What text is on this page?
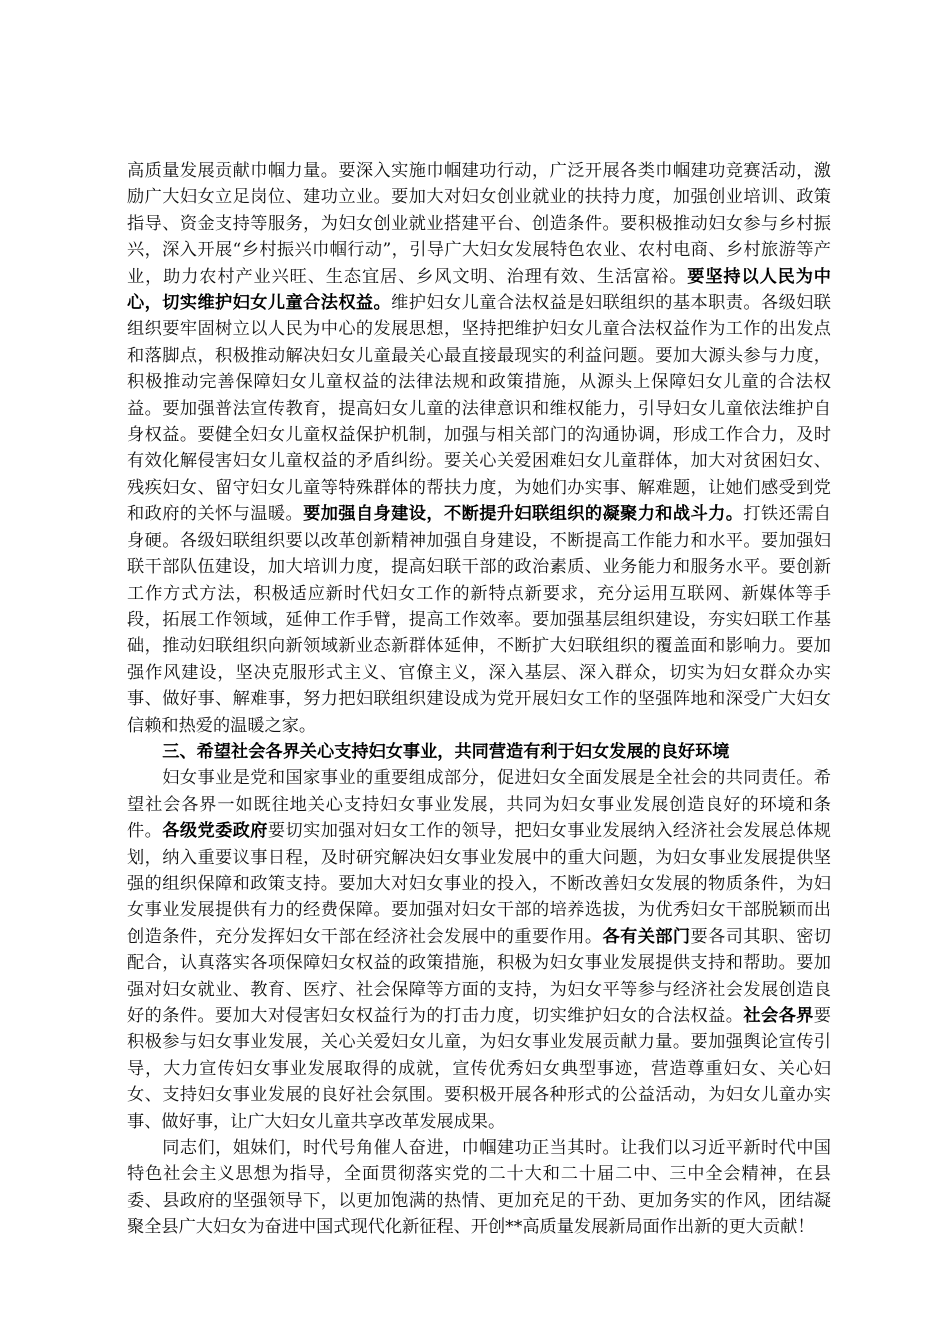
高质量发展贡献巾帼力量。要深入实施巾帼建功行动，广泛开展各类巾帼建功竞赛活动，激励广大妇女立足岗位、建功立业。要加大对妇女创业就业的扶持力度，加强创业培训、政策指导、资金支持等服务，为妇女创业就业搭建平台、创造条件。要积极推动妇女参与乡村振兴，深入开展“乡村振兴巾帼行动”，引导广大妇女发展特色农业、农村电商、乡村旅游等产业，助力农村产业兴旺、生态宜居、乡风文明、治理有效、生活富裕。要坚持以人民为中心，切实维护妇女儿童合法权益。维护妇女儿童合法权益是妇联组织的基本职责。各级妇联组织要牢固树立以人民为中心的发展思想，坚持把维护妇女儿童合法权益作为工作的出发点和落脚点，积极推动解决妇女儿童最关心最直接最现实的利益问题。要加大源头参与力度，积极推动完善保障妇女儿童权益的法律法规和政策措施，从源头上保障妇女儿童的合法权益。要加强普法宣传教育，提高妇女儿童的法律意识和维权能力，引导妇女儿童依法维护自身权益。要健全妇女儿童权益保护机制，加强与相关部门的沟通协调，形成工作合力，及时有效化解侵害妇女儿童权益的矛盾纠纷。要关心关爱困难妇女儿童群体，加大对贫困妇女、残疾妇女、留守妇女儿童等特殊群体的帮扶力度，为她们办实事、解难题，让她们感受到党和政府的关怀与温暖。要加强自身建设，不断提升妇联组织的凝聚力和战斗力。打铁还需自身硬。各级妇联组织要以改革创新精神加强自身建设，不断提高工作能力和水平。要加强妇联干部队伍建设，加大培训力度，提高妇联干部的政治素质、业务能力和服务水平。要创新工作方式方法，积极适应新时代妇女工作的新特点新要求，充分运用互联网、新媒体等手段，拓展工作领域，延伸工作手臂，提高工作效率。要加强基层组织建设，夯实妇联工作基础，推动妇联组织向新领域新业态新群体延伸，不断扩大妇联组织的覆盖面和影响力。要加强作风建设，坚决克服形式主义、官僚主义，深入基层、深入群众，切实为妇女群众办实事、做好事、解难事，努力把妇联组织建设成为党开展妇女工作的坚强阵地和深受广大妇女信赖和热爱的温暖之家。

三、希望社会各界关心支持妇女事业，共同营造有利于妇女发展的良好环境

妇女事业是党和国家事业的重要组成部分，促进妇女全面发展是全社会的共同责任。希望社会各界一如既往地关心支持妇女事业发展，共同为妇女事业发展创造良好的环境和条件。各级党委政府要切实加强对妇女工作的领导，把妇女事业发展纳入经济社会发展总体规划，纳入重要议事日程，及时研究解决妇女事业发展中的重大问题，为妇女事业发展提供坚强的组织保障和政策支持。要加大对妇女事业的投入，不断改善妇女发展的物质条件，为妇女事业发展提供有力的经费保障。要加强对妇女干部的培养选拔，为优秀妇女干部脱颖而出创造条件，充分发挥妇女干部在经济社会发展中的重要作用。各有关部门要各司其职、密切配合，认真落实各项保障妇女权益的政策措施，积极为妇女事业发展提供支持和帮助。要加强对妇女就业、教育、医疗、社会保障等方面的支持，为妇女平等参与经济社会发展创造良好的条件。要加大对侵害妇女权益行为的打击力度，切实维护妇女的合法权益。社会各界要积极参与妇女事业发展，关心关爱妇女儿童，为妇女事业发展贡献力量。要加强舆论宣传引导，大力宣传妇女事业发展取得的成就，宣传优秀妇女典型事迹，营造尊重妇女、关心妇女、支持妇女事业发展的良好社会氛围。要积极开展各种形式的公益活动，为妇女儿童办实事、做好事，让广大妇女儿童共享改革发展成果。

同志们，姐妹们，时代号角催人奋进，巾帼建功正当其时。让我们以习近平新时代中国特色社会主义思想为指导，全面贯彻落实党的二十大和二十届二中、三中全会精神，在县委、县政府的坚强领导下，以更加饱满的热情、更加充足的干劲、更加务实的作风，团结凝聚全县广大妇女为奋进中国式现代化新征程、开创**高质量发展新局面作出新的更大贡献！
